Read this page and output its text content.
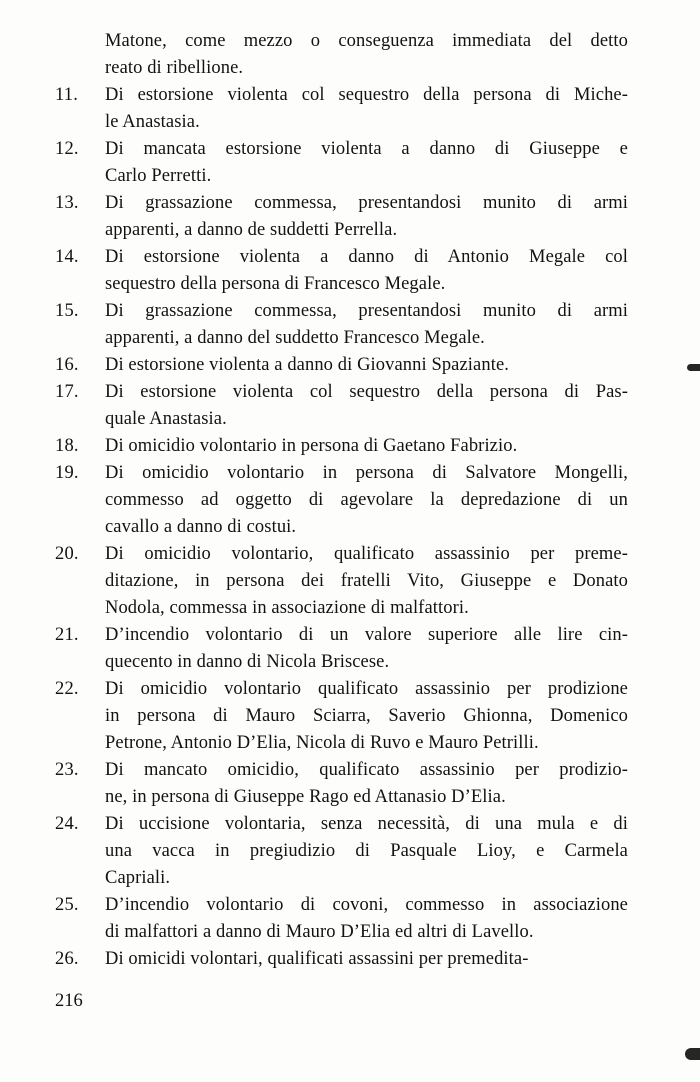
Matone, come mezzo o conseguenza immediata del detto
reato di ribellione.
11.	Di estorsione violenta col sequestro della persona di Miche-
le Anastasia.
12.	Di mancata estorsione violenta a danno di Giuseppe e
Carlo Perretti.
13.	Di grassazione commessa, presentandosi munito di armi
apparenti, a danno de suddetti Perrella.
14.	Di estorsione violenta a danno di Antonio Megale col
sequestro della persona di Francesco Megale.
15.	Di grassazione commessa, presentandosi munito di armi
apparenti, a danno del suddetto Francesco Megale.
16.	Di estorsione violenta a danno di Giovanni Spaziante.
17.	Di estorsione violenta col sequestro della persona di Pas-
quale Anastasia.
18.	Di omicidio volontario in persona di Gaetano Fabrizio.
19.	Di omicidio volontario in persona di Salvatore Mongelli,
commesso ad oggetto di agevolare la depredazione di un
cavallo a danno di costui.
20.	Di omicidio volontario, qualificato assassinio per preme-
ditazione, in persona dei fratelli Vito, Giuseppe e Donato
Nodola, commessa in associazione di malfattori.
21.	D’incendio volontario di un valore superiore alle lire cin-
quecento in danno di Nicola Briscese.
22.	Di omicidio volontario qualificato assassinio per prodizione
in persona di Mauro Sciarra, Saverio Ghionna, Domenico
Petrone, Antonio D’Elia, Nicola di Ruvo e Mauro Petrilli.
23.	Di mancato omicidio, qualificato assassinio per prodizio-
ne, in persona di Giuseppe Rago ed Attanasio D’Elia.
24.	Di uccisione volontaria, senza necessità, di una mula e di
una vacca in pregiudizio di Pasquale Lioy, e Carmela
Capriali.
25.	D’incendio volontario di covoni, commesso in associazione
di malfattori a danno di Mauro D’Elia ed altri di Lavello.
26.	Di omicidi volontari, qualificati assassini per premedita-
216
